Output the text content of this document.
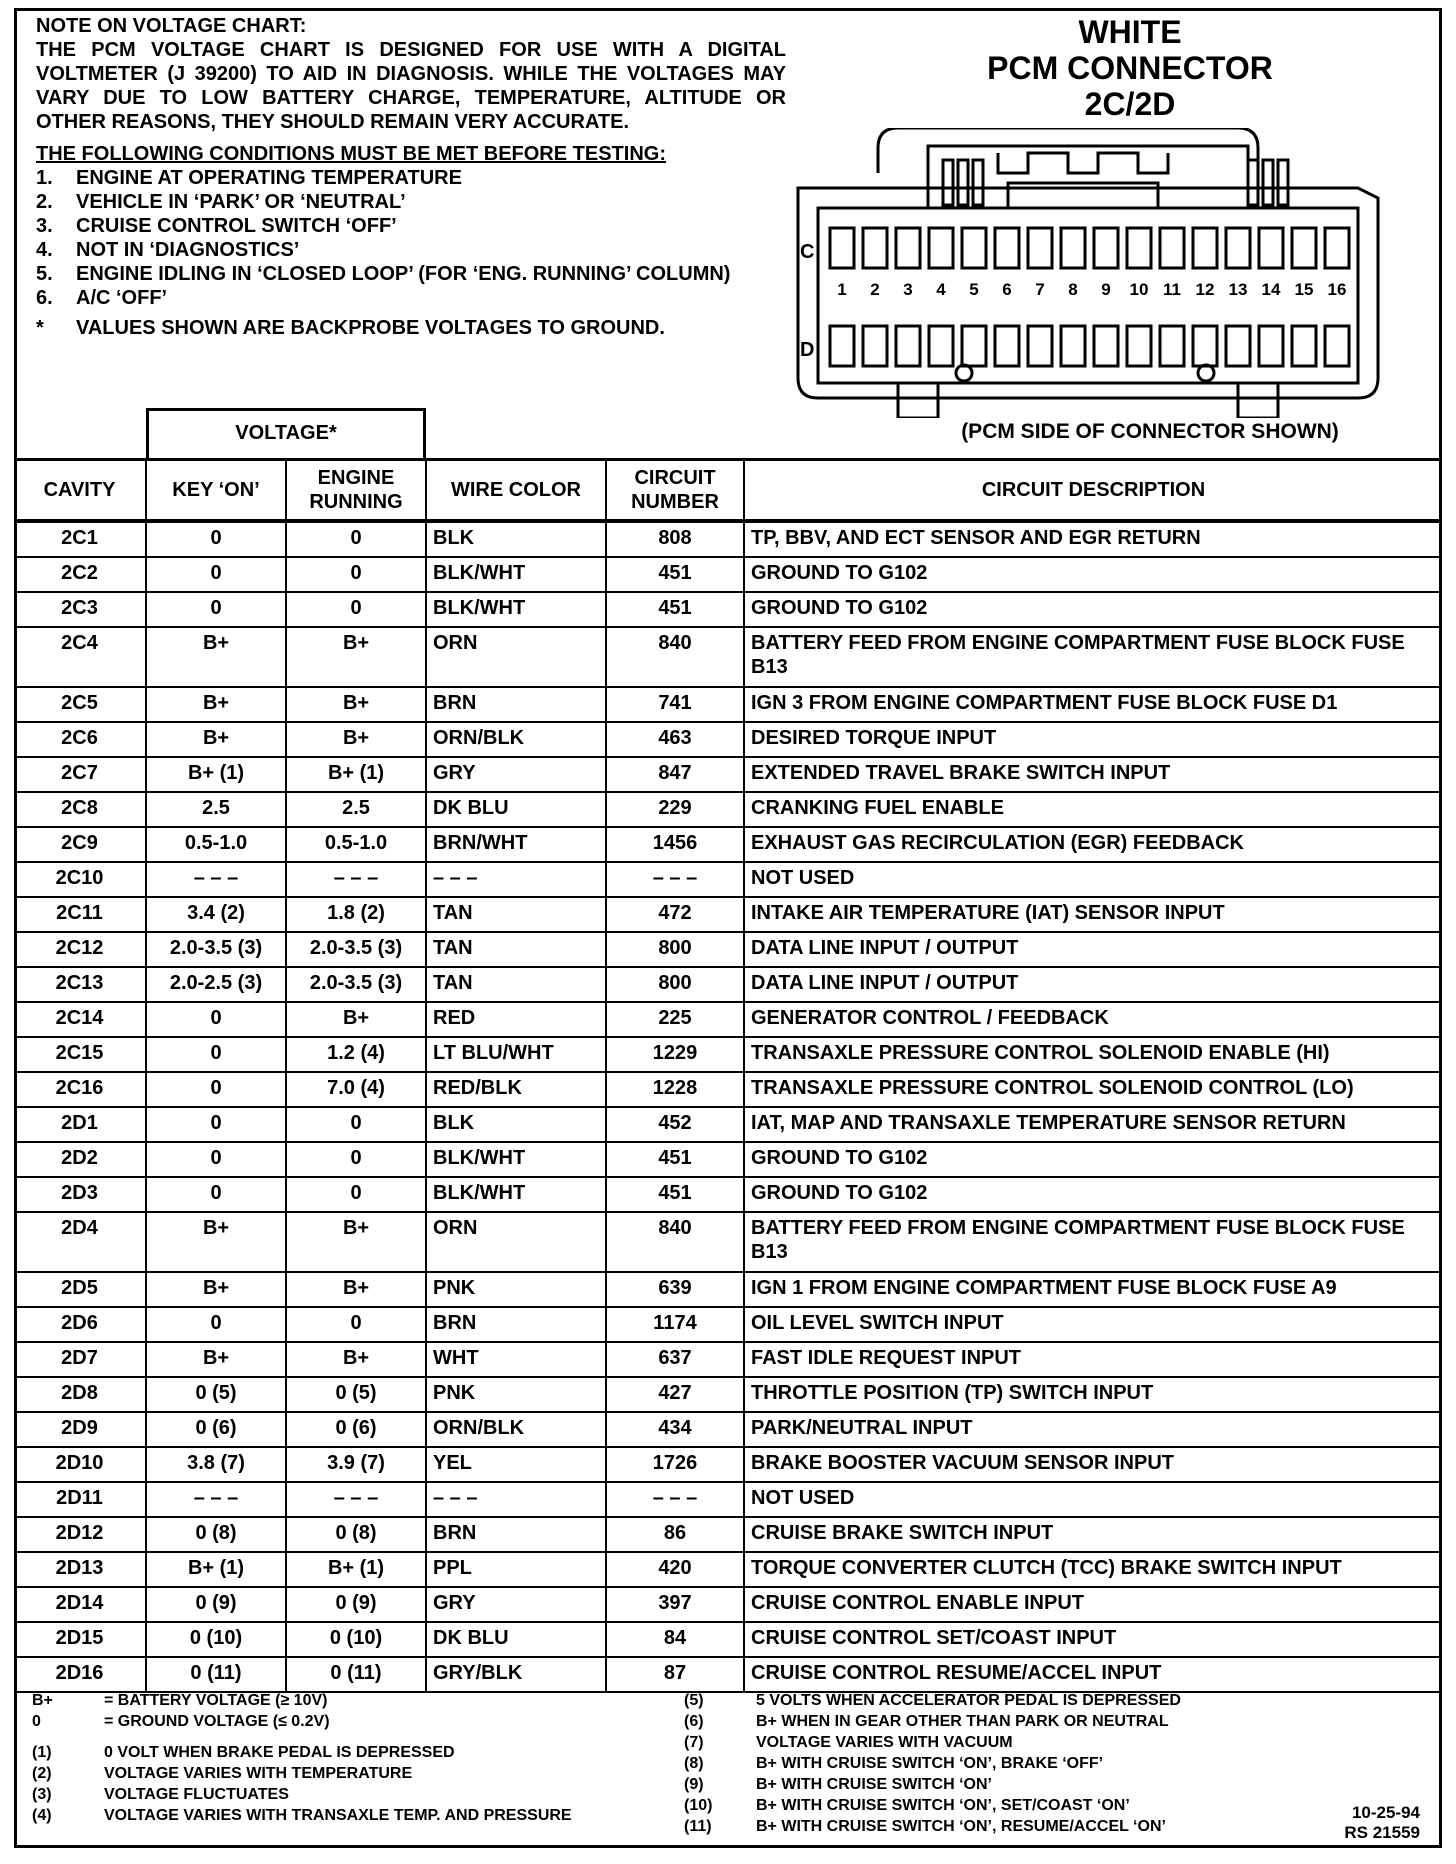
NOTE ON VOLTAGE CHART:

THE PCM VOLTAGE CHART IS DESIGNED FOR USE WITH A DIGITAL VOLTMETER (J 39200) TO AID IN DIAGNOSIS. WHILE THE VOLTAGES MAY VARY DUE TO LOW BATTERY CHARGE, TEMPERATURE, ALTITUDE OR OTHER REASONS, THEY SHOULD REMAIN VERY ACCURATE.

THE FOLLOWING CONDITIONS MUST BE MET BEFORE TESTING:

1.	ENGINE AT OPERATING TEMPERATURE
2.	VEHICLE IN ‘PARK’ OR ‘NEUTRAL’
3.	CRUISE CONTROL SWITCH ‘OFF’
4.	NOT IN ‘DIAGNOSTICS’
5.	ENGINE IDLING IN ‘CLOSED LOOP’ (FOR ‘ENG. RUNNING’ COLUMN)
6.	A/C ‘OFF’
*	VALUES SHOWN ARE BACKPROBE VOLTAGES TO GROUND.
WHITE
PCM CONNECTOR
2C/2D
C
D
1 2 3 4 5 6 7 8 9 10 11 12 13 14 15 16
(PCM SIDE OF CONNECTOR SHOWN)
VOLTAGE*
CAVITY	KEY ‘ON’	ENGINE RUNNING	WIRE COLOR	CIRCUIT NUMBER	CIRCUIT DESCRIPTION
2C1	0	0	BLK	808	TP, BBV, AND ECT SENSOR AND EGR RETURN
2C2	0	0	BLK/WHT	451	GROUND TO G102
2C3	0	0	BLK/WHT	451	GROUND TO G102
2C4	B+	B+	ORN	840	BATTERY FEED FROM ENGINE COMPARTMENT FUSE BLOCK FUSE B13
2C5	B+	B+	BRN	741	IGN 3 FROM ENGINE COMPARTMENT FUSE BLOCK FUSE D1
2C6	B+	B+	ORN/BLK	463	DESIRED TORQUE INPUT
2C7	B+ (1)	B+ (1)	GRY	847	EXTENDED TRAVEL BRAKE SWITCH INPUT
2C8	2.5	2.5	DK BLU	229	CRANKING FUEL ENABLE
2C9	0.5-1.0	0.5-1.0	BRN/WHT	1456	EXHAUST GAS RECIRCULATION (EGR) FEEDBACK
2C10	– – –	– – –	– – –	– – –	NOT USED
2C11	3.4 (2)	1.8 (2)	TAN	472	INTAKE AIR TEMPERATURE (IAT) SENSOR INPUT
2C12	2.0-3.5 (3)	2.0-3.5 (3)	TAN	800	DATA LINE INPUT / OUTPUT
2C13	2.0-2.5 (3)	2.0-3.5 (3)	TAN	800	DATA LINE INPUT / OUTPUT
2C14	0	B+	RED	225	GENERATOR CONTROL / FEEDBACK
2C15	0	1.2 (4)	LT BLU/WHT	1229	TRANSAXLE PRESSURE CONTROL SOLENOID ENABLE (HI)
2C16	0	7.0 (4)	RED/BLK	1228	TRANSAXLE PRESSURE CONTROL SOLENOID CONTROL (LO)
2D1	0	0	BLK	452	IAT, MAP AND TRANSAXLE TEMPERATURE SENSOR RETURN
2D2	0	0	BLK/WHT	451	GROUND TO G102
2D3	0	0	BLK/WHT	451	GROUND TO G102
2D4	B+	B+	ORN	840	BATTERY FEED FROM ENGINE COMPARTMENT FUSE BLOCK FUSE B13
2D5	B+	B+	PNK	639	IGN 1 FROM ENGINE COMPARTMENT FUSE BLOCK FUSE A9
2D6	0	0	BRN	1174	OIL LEVEL SWITCH INPUT
2D7	B+	B+	WHT	637	FAST IDLE REQUEST INPUT
2D8	0 (5)	0 (5)	PNK	427	THROTTLE POSITION (TP) SWITCH INPUT
2D9	0 (6)	0 (6)	ORN/BLK	434	PARK/NEUTRAL INPUT
2D10	3.8 (7)	3.9 (7)	YEL	1726	BRAKE BOOSTER VACUUM SENSOR INPUT
2D11	– – –	– – –	– – –	– – –	NOT USED
2D12	0 (8)	0 (8)	BRN	86	CRUISE BRAKE SWITCH INPUT
2D13	B+ (1)	B+ (1)	PPL	420	TORQUE CONVERTER CLUTCH (TCC) BRAKE SWITCH INPUT
2D14	0 (9)	0 (9)	GRY	397	CRUISE CONTROL ENABLE INPUT
2D15	0 (10)	0 (10)	DK BLU	84	CRUISE CONTROL SET/COAST INPUT
2D16	0 (11)	0 (11)	GRY/BLK	87	CRUISE CONTROL RESUME/ACCEL INPUT
B+	= BATTERY VOLTAGE (≥ 10V)
0	= GROUND VOLTAGE (≤ 0.2V)
(1)	0 VOLT WHEN BRAKE PEDAL IS DEPRESSED
(2)	VOLTAGE VARIES WITH TEMPERATURE
(3)	VOLTAGE FLUCTUATES
(4)	VOLTAGE VARIES WITH TRANSAXLE TEMP. AND PRESSURE
(5)	5 VOLTS WHEN ACCELERATOR PEDAL IS DEPRESSED
(6)	B+ WHEN IN GEAR OTHER THAN PARK OR NEUTRAL
(7)	VOLTAGE VARIES WITH VACUUM
(8)	B+ WITH CRUISE SWITCH ‘ON’, BRAKE ‘OFF’
(9)	B+ WITH CRUISE SWITCH ‘ON’
(10)	B+ WITH CRUISE SWITCH ‘ON’, SET/COAST ‘ON’
(11)	B+ WITH CRUISE SWITCH ‘ON’, RESUME/ACCEL ‘ON’
10-25-94
RS 21559
